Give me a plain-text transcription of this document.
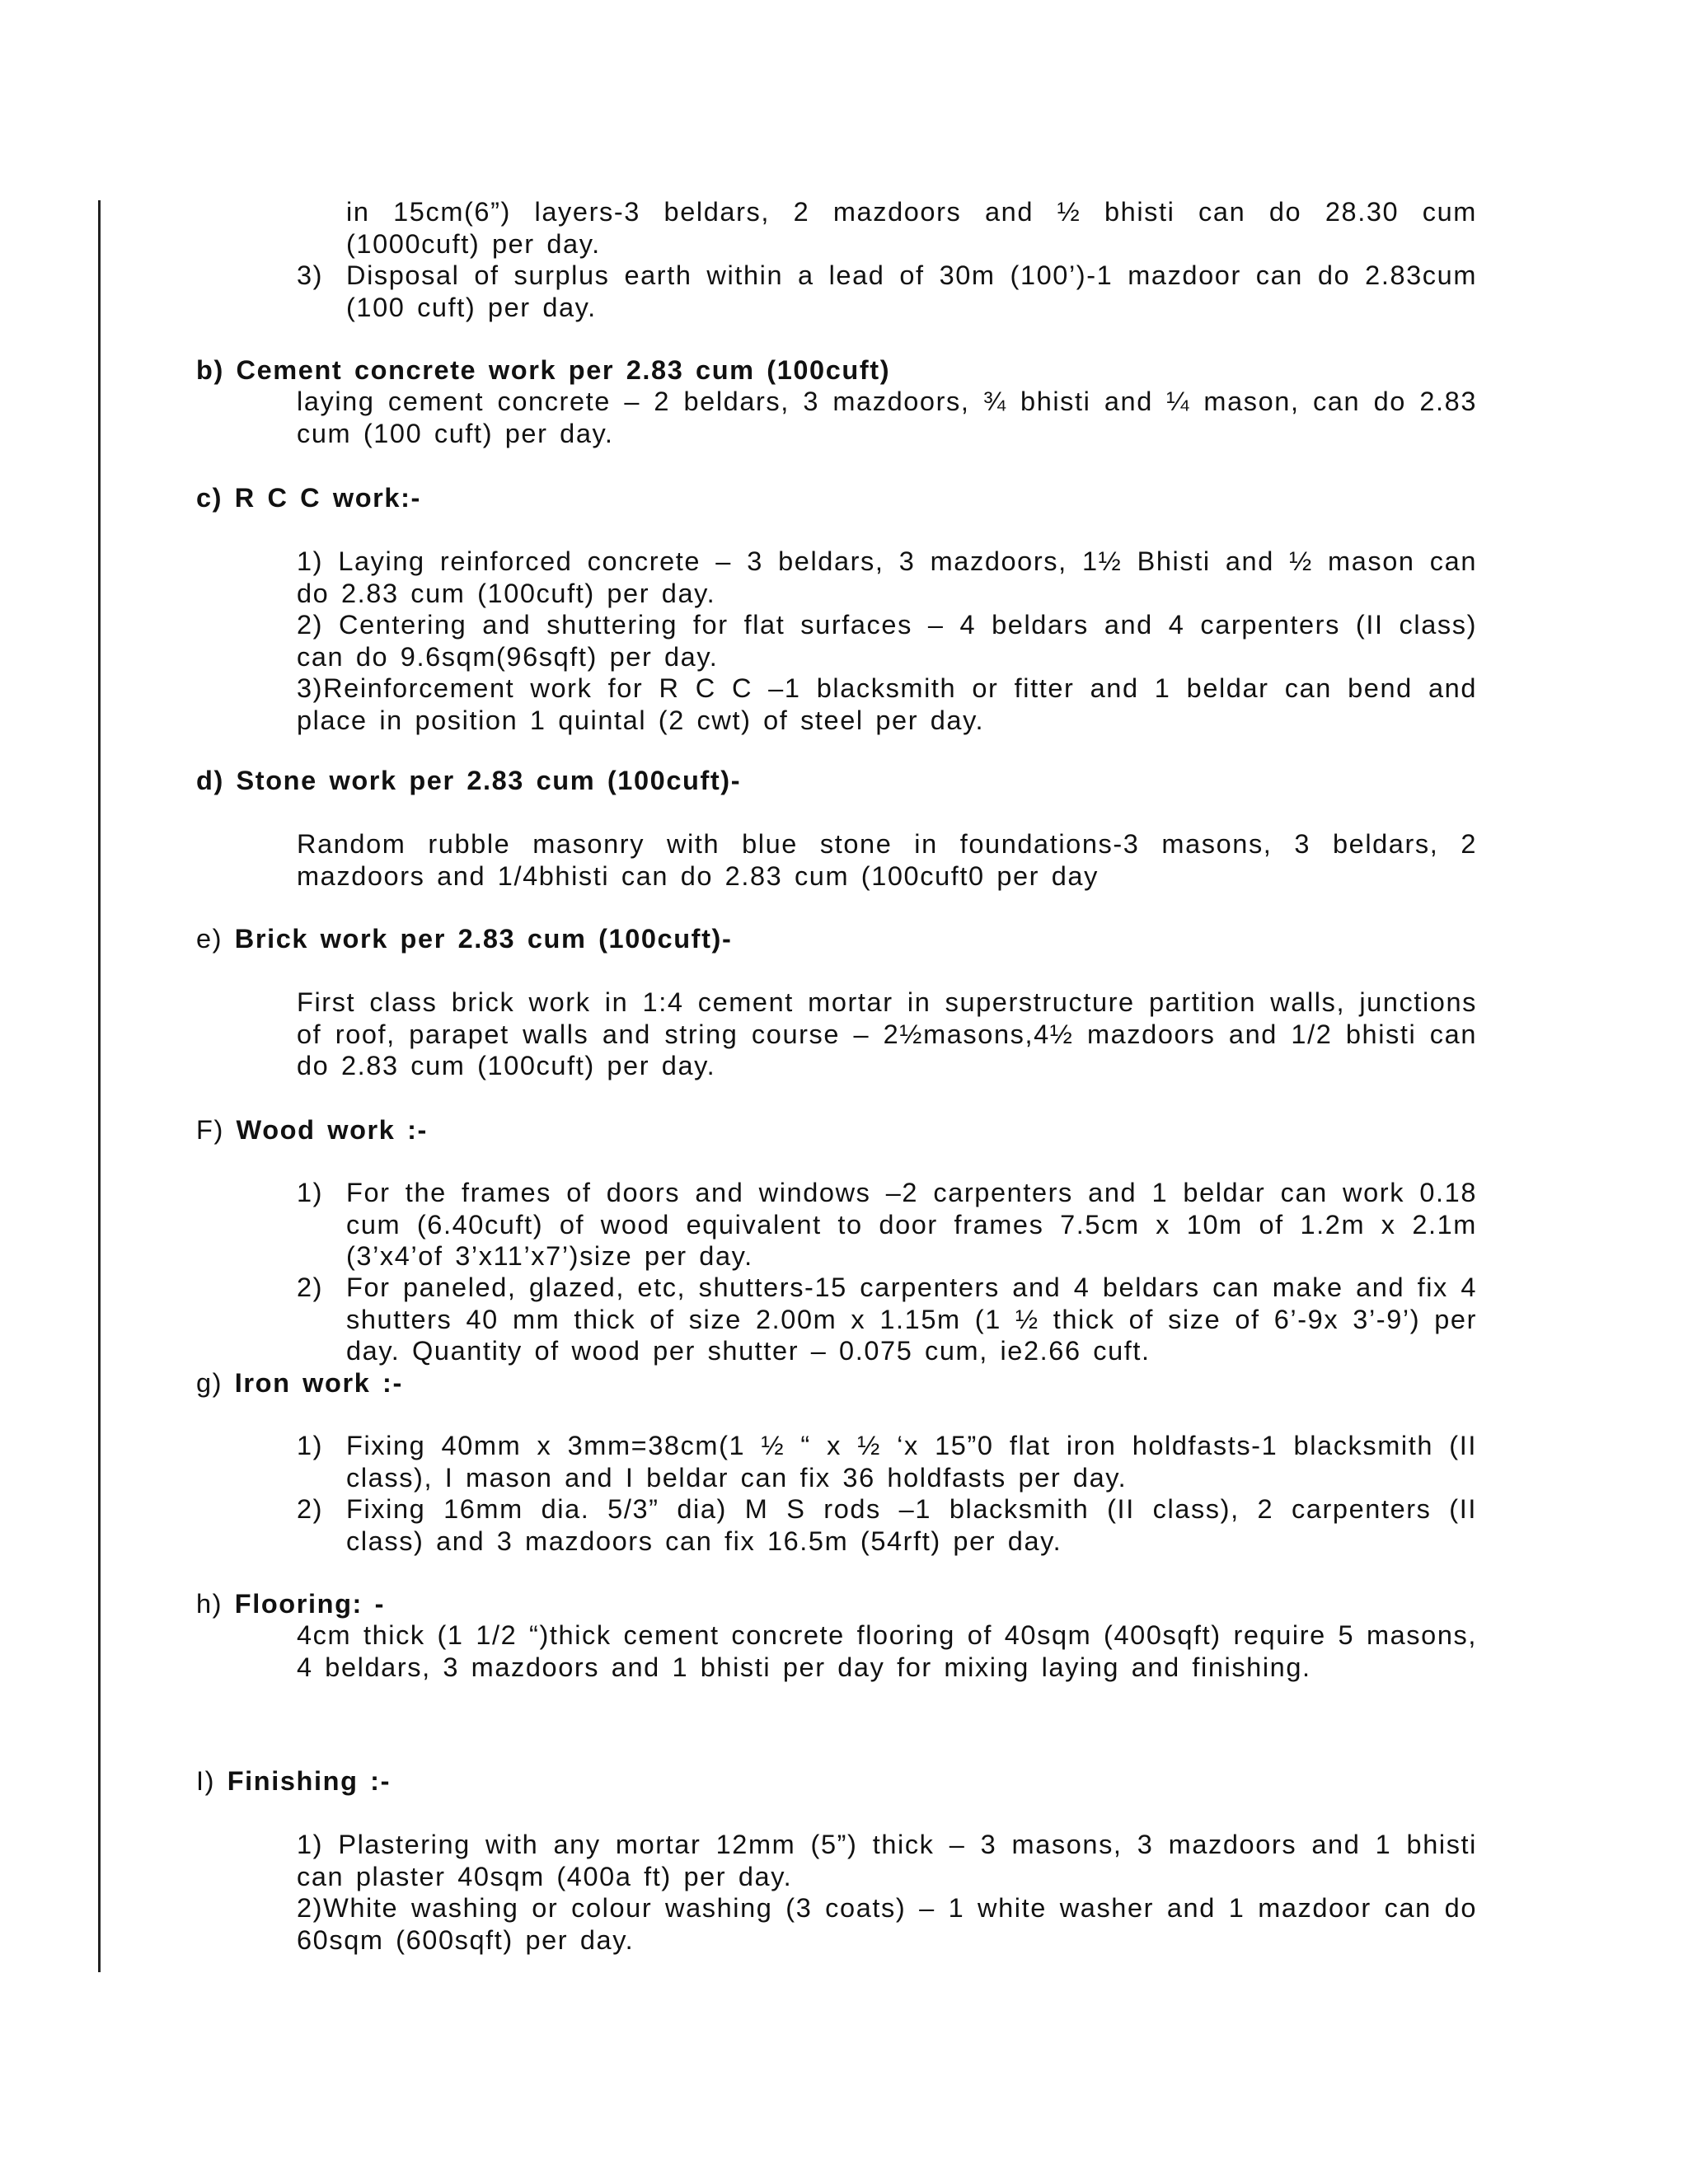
in 15cm(6”) layers-3 beldars, 2 mazdoors and ½ bhisti can do 28.30 cum (1000cuft) per day.

3) Disposal of surplus earth within a lead of 30m (100’)-1 mazdoor can do 2.83cum (100 cuft) per day.

b) Cement concrete work per 2.83 cum (100cuft)

laying cement concrete – 2 beldars, 3 mazdoors, ¾ bhisti and ¼ mason, can do 2.83 cum (100 cuft) per day.

c) R C C work:-

1) Laying reinforced concrete – 3 beldars, 3 mazdoors, 1½ Bhisti and ½ mason can do 2.83 cum (100cuft) per day.

2) Centering and shuttering for flat surfaces – 4 beldars and 4 carpenters (II class) can do 9.6sqm(96sqft) per day.

3)Reinforcement work for R C C –1 blacksmith or fitter and 1 beldar can bend and place in position 1 quintal (2 cwt) of steel per day.

d) Stone work per 2.83 cum (100cuft)-

Random rubble masonry with blue stone in foundations-3 masons, 3 beldars, 2 mazdoors and 1/4bhisti can do 2.83 cum (100cuft0 per day

e) Brick work per 2.83 cum (100cuft)-

First class brick work in 1:4 cement mortar in superstructure partition walls, junctions of roof, parapet walls and string course – 2½masons,4½ mazdoors and 1/2 bhisti can do 2.83 cum (100cuft) per day.

F) Wood work :-
1) For the frames of doors and windows –2 carpenters and 1 beldar can work 0.18 cum (6.40cuft) of wood equivalent to door frames 7.5cm x 10m of 1.2m x 2.1m (3’x4’of 3’x11’x7’)size per day.

2) For paneled, glazed, etc, shutters-15 carpenters and 4 beldars can make and fix 4 shutters 40 mm thick of size 2.00m x 1.15m (1 ½ thick of size of 6’-9x 3’-9’) per day. Quantity of wood per shutter – 0.075 cum, ie2.66 cuft.

g) Iron work :-
1) Fixing 40mm x 3mm=38cm(1 ½ “ x ½ ‘x 15”0 flat iron holdfasts-1 blacksmith (II class), I mason and I beldar can fix 36 holdfasts per day.

2) Fixing 16mm dia. 5/3” dia) M S rods –1 blacksmith (II class), 2 carpenters (II class) and 3 mazdoors can fix 16.5m (54rft) per day.

h) Flooring: -

4cm thick (1 1/2 “)thick cement concrete flooring of 40sqm (400sqft) require 5 masons, 4 beldars, 3 mazdoors and 1 bhisti per day for mixing laying and finishing.

I) Finishing :-

1) Plastering with any mortar 12mm (5”) thick – 3 masons, 3 mazdoors and 1 bhisti can plaster 40sqm (400a ft) per day.

2)White washing or colour washing (3 coats) – 1 white washer and 1 mazdoor can do 60sqm (600sqft) per day.
